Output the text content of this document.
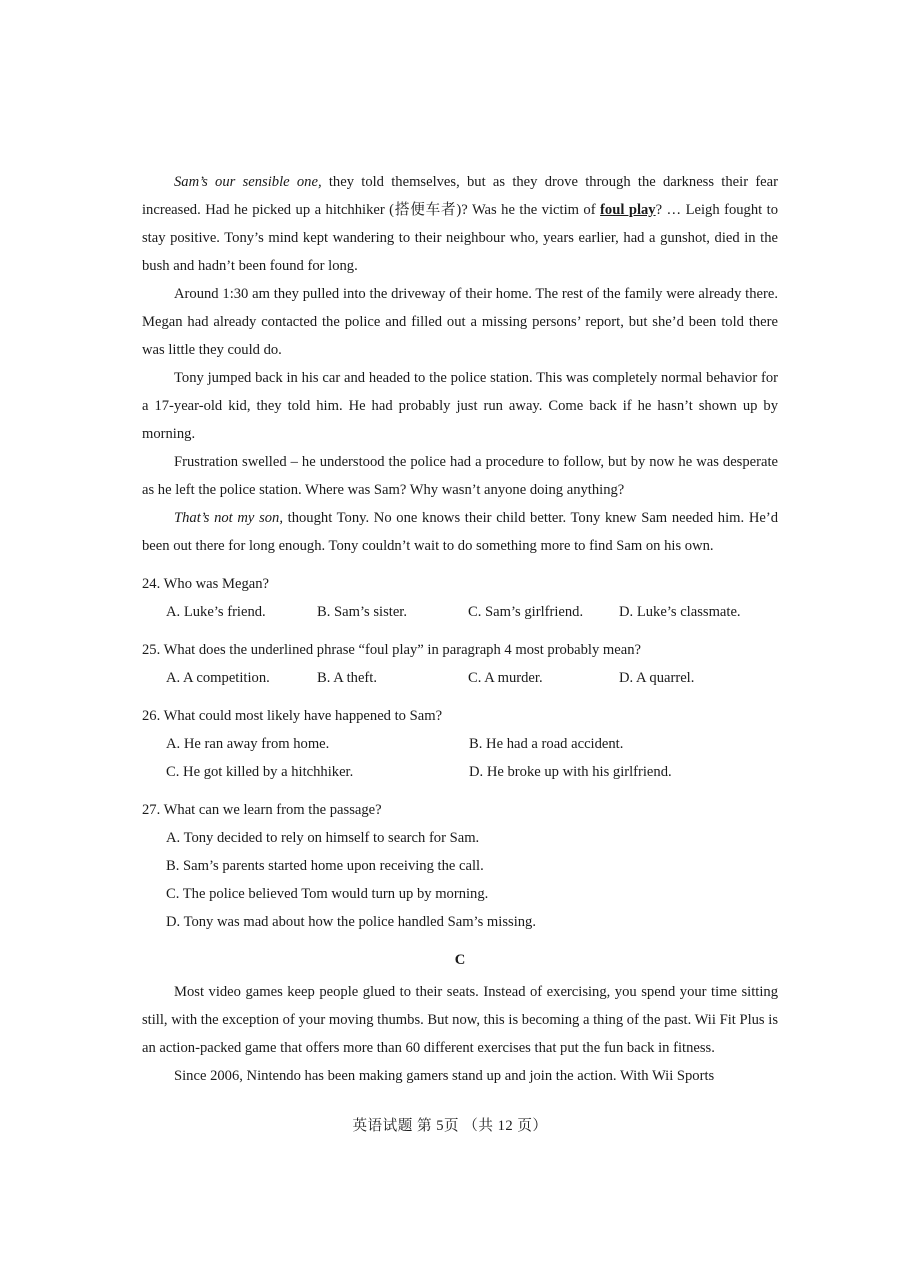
Sam’s our sensible one, they told themselves, but as they drove through the darkness their fear increased. Had he picked up a hitchhiker (搭便车者)? Was he the victim of foul play? … Leigh fought to stay positive. Tony’s mind kept wandering to their neighbour who, years earlier, had a gunshot, died in the bush and hadn’t been found for long.

Around 1:30 am they pulled into the driveway of their home. The rest of the family were already there. Megan had already contacted the police and filled out a missing persons’ report, but she’d been told there was little they could do.

Tony jumped back in his car and headed to the police station. This was completely normal behavior for a 17-year-old kid, they told him. He had probably just run away. Come back if he hasn’t shown up by morning.

Frustration swelled – he understood the police had a procedure to follow, but by now he was desperate as he left the police station. Where was Sam? Why wasn’t anyone doing anything?

That’s not my son, thought Tony. No one knows their child better. Tony knew Sam needed him. He’d been out there for long enough. Tony couldn’t wait to do something more to find Sam on his own.

24. Who was Megan?
A. Luke’s friend.	B. Sam’s sister.	C. Sam’s girlfriend.	D. Luke’s classmate.
25. What does the underlined phrase “foul play” in paragraph 4 most probably mean?
A. A competition.	B. A theft.	C. A murder.	D. A quarrel.
26. What could most likely have happened to Sam?
A. He ran away from home.	B. He had a road accident.
C. He got killed by a hitchhiker.	D. He broke up with his girlfriend.
27. What can we learn from the passage?
A. Tony decided to rely on himself to search for Sam.
B. Sam’s parents started home upon receiving the call.
C. The police believed Tom would turn up by morning.
D. Tony was mad about how the police handled Sam’s missing.
C

Most video games keep people glued to their seats. Instead of exercising, you spend your time sitting still, with the exception of your moving thumbs. But now, this is becoming a thing of the past. Wii Fit Plus is an action-packed game that offers more than 60 different exercises that put the fun back in fitness.

Since 2006, Nintendo has been making gamers stand up and join the action. With Wii Sports

英语试题 第 5页 （共 12 页）
